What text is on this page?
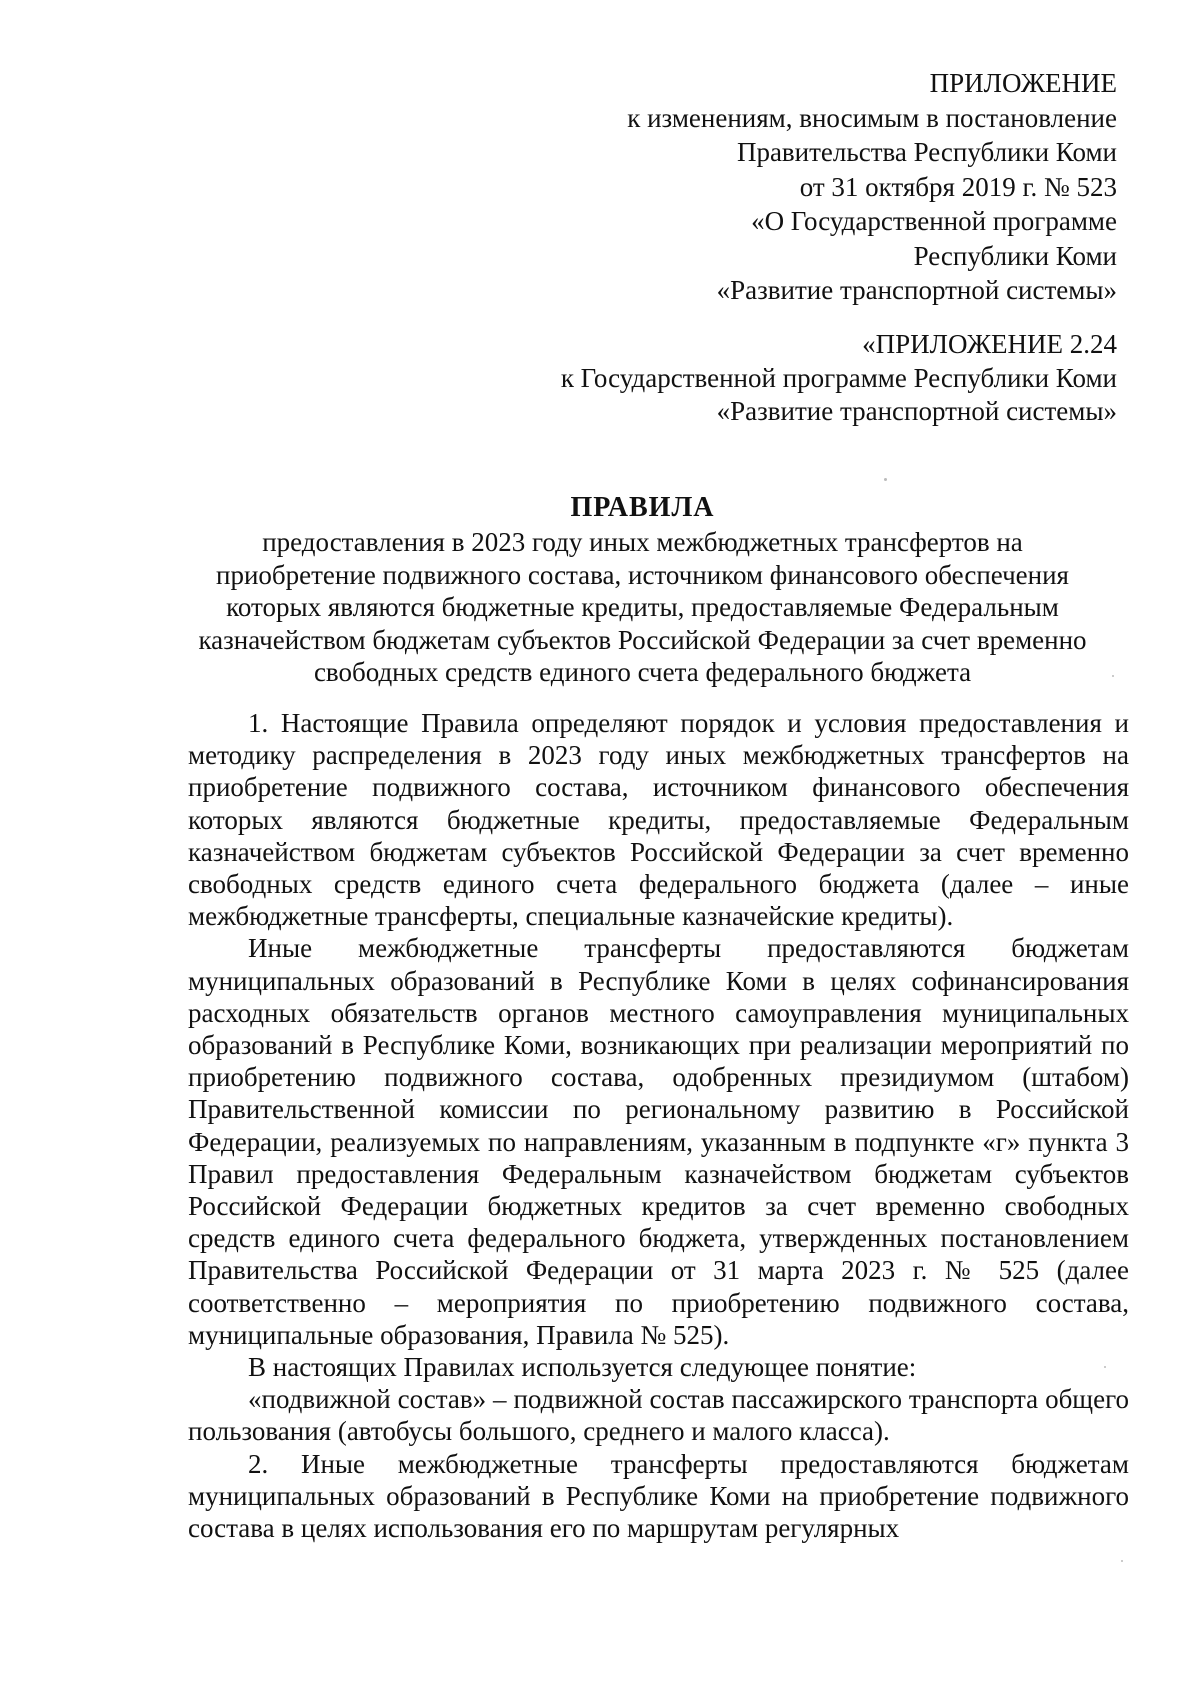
ПРИЛОЖЕНИЕ
к изменениям, вносимым в постановление
Правительства Республики Коми
от 31 октября 2019 г. № 523
«О Государственной программе
Республики Коми
«Развитие транспортной системы»
«ПРИЛОЖЕНИЕ 2.24
к Государственной программе Республики Коми
«Развитие транспортной системы»
ПРАВИЛА
предоставления в 2023 году иных межбюджетных трансфертов на
приобретение подвижного состава, источником финансового обеспечения
которых являются бюджетные кредиты, предоставляемые Федеральным
казначейством бюджетам субъектов Российской Федерации за счет временно
свободных средств единого счета федерального бюджета

1. Настоящие Правила определяют порядок и условия предоставления и методику распределения в 2023 году иных межбюджетных трансфертов на приобретение подвижного состава, источником финансового обеспечения которых являются бюджетные кредиты, предоставляемые Федеральным казначейством бюджетам субъектов Российской Федерации за счет временно свободных средств единого счета федерального бюджета (далее – иные межбюджетные трансферты, специальные казначейские кредиты).

Иные межбюджетные трансферты предоставляются бюджетам муниципальных образований в Республике Коми в целях софинансирования расходных обязательств органов местного самоуправления муниципальных образований в Республике Коми, возникающих при реализации мероприятий по приобретению подвижного состава, одобренных президиумом (штабом) Правительственной комиссии по региональному развитию в Российской Федерации, реализуемых по направлениям, указанным в подпункте «г» пункта 3 Правил предоставления Федеральным казначейством бюджетам субъектов Российской Федерации бюджетных кредитов за счет временно свободных средств единого счета федерального бюджета, утвержденных постановлением Правительства Российской Федерации от 31 марта 2023 г. № 525 (далее соответственно – мероприятия по приобретению подвижного состава, муниципальные образования, Правила № 525).

В настоящих Правилах используется следующее понятие:

«подвижной состав» – подвижной состав пассажирского транспорта общего пользования (автобусы большого, среднего и малого класса).

2. Иные межбюджетные трансферты предоставляются бюджетам муниципальных образований в Республике Коми на приобретение подвижного состава в целях использования его по маршрутам регулярных
